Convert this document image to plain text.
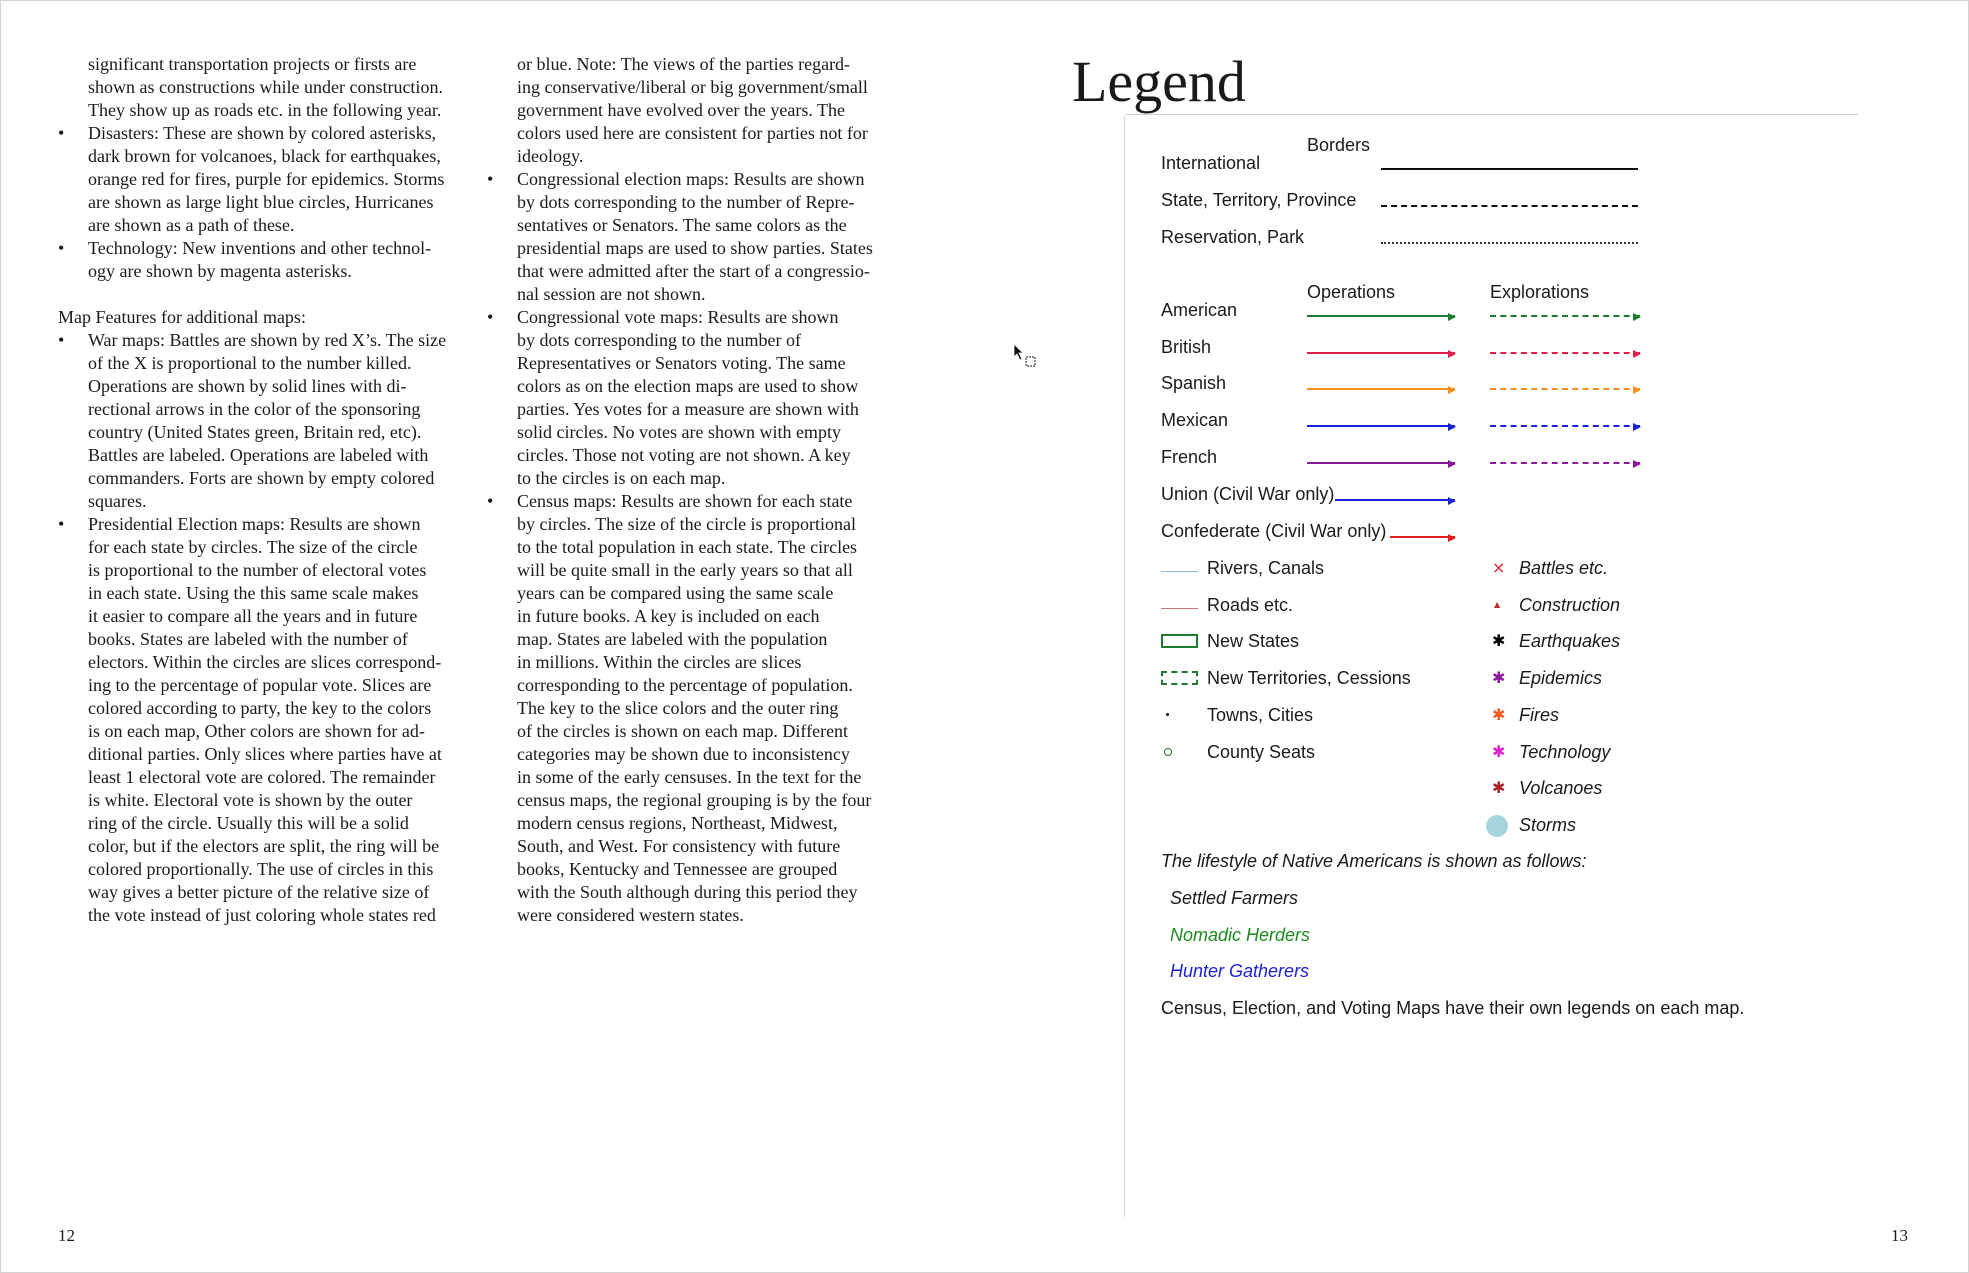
significant transportation projects or firsts are
shown as constructions while under construction.
They show up as roads etc. in the following year.
• Disasters: These are shown by colored asterisks,
dark brown for volcanoes, black for earthquakes,
orange red for fires, purple for epidemics. Storms
are shown as large light blue circles, Hurricanes
are shown as a path of these.
• Technology: New inventions and other technol-
ogy are shown by magenta asterisks.

Map Features for additional maps:

• War maps: Battles are shown by red X’s. The size
of the X is proportional to the number killed.
Operations are shown by solid lines with di-
rectional arrows in the color of the sponsoring
country (United States green, Britain red, etc).
Battles are labeled. Operations are labeled with
commanders. Forts are shown by empty colored
squares.
• Presidential Election maps: Results are shown
for each state by circles. The size of the circle
is proportional to the number of electoral votes
in each state. Using the this same scale makes
it easier to compare all the years and in future
books. States are labeled with the number of
electors. Within the circles are slices correspond-
ing to the percentage of popular vote. Slices are
colored according to party, the key to the colors
is on each map, Other colors are shown for ad-
ditional parties. Only slices where parties have at
least 1 electoral vote are colored. The remainder
is white. Electoral vote is shown by the outer
ring of the circle. Usually this will be a solid
color, but if the electors are split, the ring will be
colored proportionally. The use of circles in this
way gives a better picture of the relative size of
the vote instead of just coloring whole states red
or blue. Note: The views of the parties regard-
ing conservative/liberal or big government/small
government have evolved over the years. The
colors used here are consistent for parties not for
ideology.
• Congressional election maps: Results are shown
by dots corresponding to the number of Repre-
sentatives or Senators. The same colors as the
presidential maps are used to show parties. States
that were admitted after the start of a congressio-
nal session are not shown.
• Congressional vote maps: Results are shown
by dots corresponding to the number of
Representatives or Senators voting. The same
colors as on the election maps are used to show
parties. Yes votes for a measure are shown with
solid circles. No votes are shown with empty
circles. Those not voting are not shown. A key
to the circles is on each map.
• Census maps: Results are shown for each state
by circles. The size of the circle is proportional
to the total population in each state. The circles
will be quite small in the early years so that all
years can be compared using the same scale
in future books. A key is included on each
map. States are labeled with the population
in millions. Within the circles are slices
corresponding to the percentage of population.
The key to the slice colors and the outer ring
of the circles is shown on each map. Different
categories may be shown due to inconsistency
in some of the early censuses. In the text for the
census maps, the regional grouping is by the four
modern census regions, Northeast, Midwest,
South, and West. For consistency with future
books, Kentucky and Tennessee are grouped
with the South although during this period they
were considered western states.
12	13
Legend
Borders
International
State, Territory, Province
Reservation, Park
Operations	Explorations
American
British
Spanish
Mexican
French
Union (Civil War only)
Confederate (Civil War only)
Rivers, Canals
Roads etc.
New States
New Territories, Cessions
Towns, Cities
County Seats
Battles etc.
×
Construction
▲
Earthquakes
✱
Epidemics
✱
Fires
✱
Technology
✱
Volcanoes
✱
Storms
The lifestyle of Native Americans is shown as follows:
Settled Farmers
Nomadic Herders
Hunter Gatherers
Census, Election, and Voting Maps have their own legends on each map.
